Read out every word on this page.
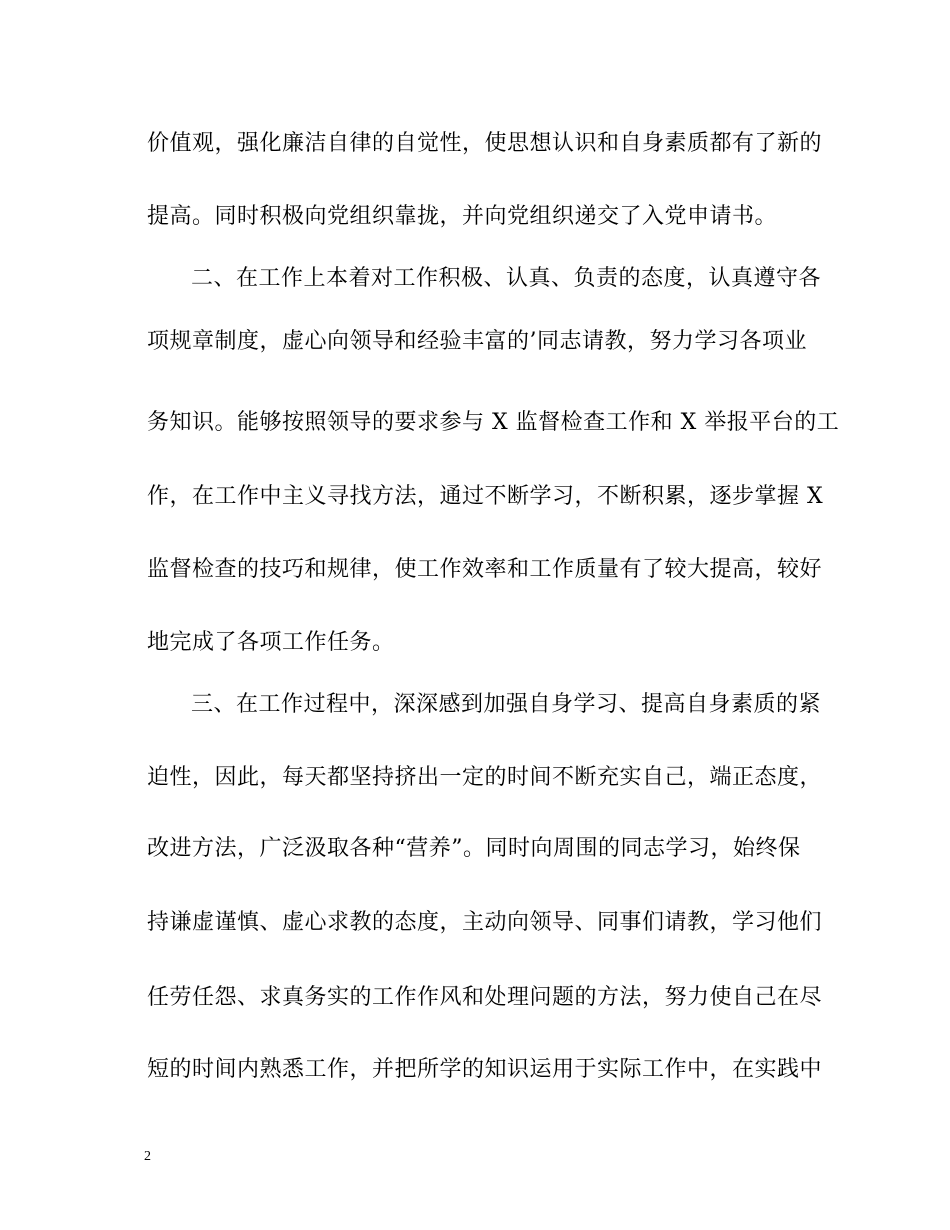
价值观，强化廉洁自律的自觉性，使思想认识和自身素质都有了新的
提高。同时积极向党组织靠拢，并向党组织递交了入党申请书。
二、在工作上本着对工作积极、认真、负责的态度，认真遵守各
项规章制度，虚心向领导和经验丰富的’同志请教，努力学习各项业
务知识。能够按照领导的要求参与 X 监督检查工作和 X 举报平台的工
作，在工作中主义寻找方法，通过不断学习，不断积累，逐步掌握 X
监督检查的技巧和规律，使工作效率和工作质量有了较大提高，较好
地完成了各项工作任务。
三、在工作过程中，深深感到加强自身学习、提高自身素质的紧
迫性，因此，每天都坚持挤出一定的时间不断充实自己，端正态度，
改进方法，广泛汲取各种“营养”。同时向周围的同志学习，始终保
持谦虚谨慎、虚心求教的态度，主动向领导、同事们请教，学习他们
任劳任怨、求真务实的工作作风和处理问题的方法，努力使自己在尽
短的时间内熟悉工作，并把所学的知识运用于实际工作中，在实践中
2
